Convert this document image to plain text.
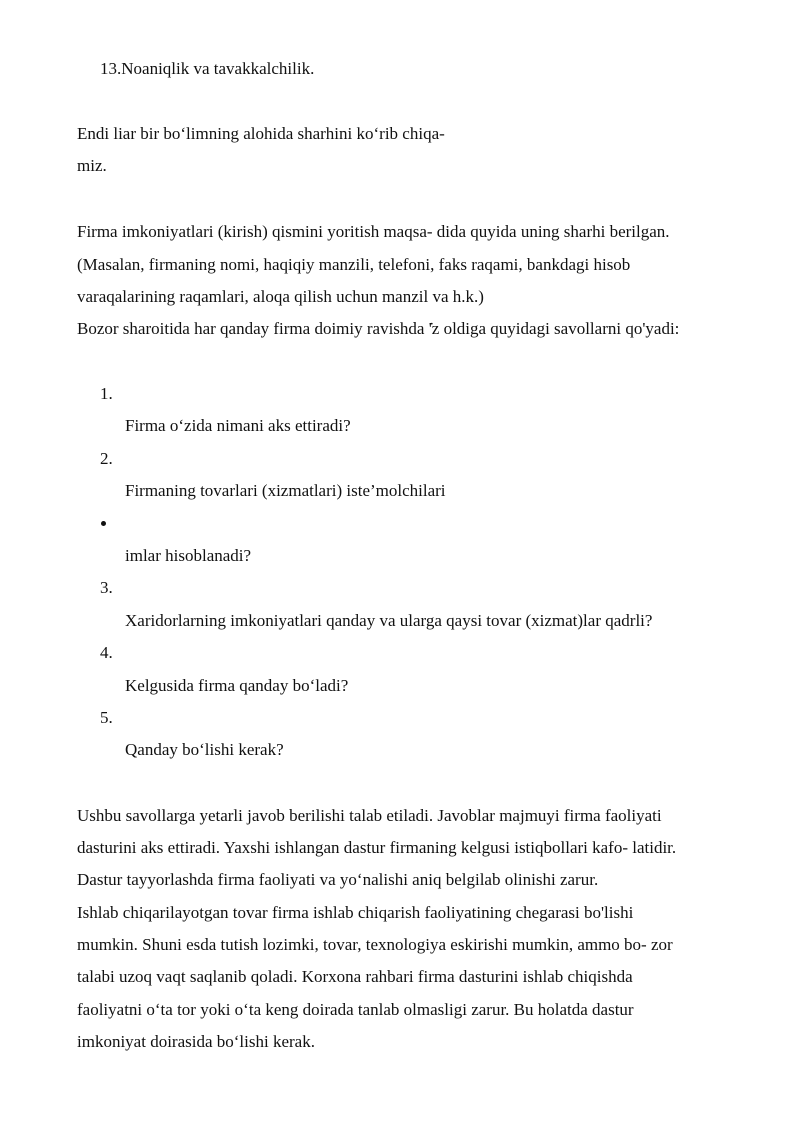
13.Noaniqlik va tavakkalchilik.
Endi liar bir bo‘limning alohida sharhini ko‘rib chiqa-
miz.
Firma imkoniyatlari (kirish) qismini yoritish maqsa- dida quyida uning sharhi berilgan.
(Masalan, firmaning nomi, haqiqiy manzili, telefoni, faks raqami, bankdagi hisob
varaqalarining raqamlari, aloqa qilish uchun manzil va h.k.)
Bozor sharoitida har qanday firma doimiy ravishda '̇z oldiga quyidagi savollarni qo'yadi:
1.
Firma o‘zida nimani aks ettiradi?
2.
Firmaning tovarlari (xizmatlari) iste’molchilari
imlar hisoblanadi?
3.
Xaridorlarning imkoniyatlari qanday va ularga qaysi tovar (xizmat)lar qadrli?
4.
Kelgusida firma qanday bo‘ladi?
5.
Qanday bo‘lishi kerak?
Ushbu savollarga yetarli javob berilishi talab etiladi. Javoblar majmuyi firma faoliyati
dasturini aks ettiradi. Yaxshi ishlangan dastur firmaning kelgusi istiqbollari kafo- latidir.
Dastur tayyorlashda firma faoliyati va yo‘nalishi aniq belgilab olinishi zarur.
Ishlab chiqarilayotgan tovar firma ishlab chiqarish faoliyatining chegarasi bo'lishi
mumkin. Shuni esda tutish lozimki, tovar, texnologiya eskirishi mumkin, ammo bo- zor
talabi uzoq vaqt saqlanib qoladi. Korxona rahbari firma dasturini ishlab chiqishda
faoliyatni o‘ta tor yoki o‘ta keng doirada tanlab olmasligi zarur. Bu holatda dastur
imkoniyat doirasida bo‘lishi kerak.
